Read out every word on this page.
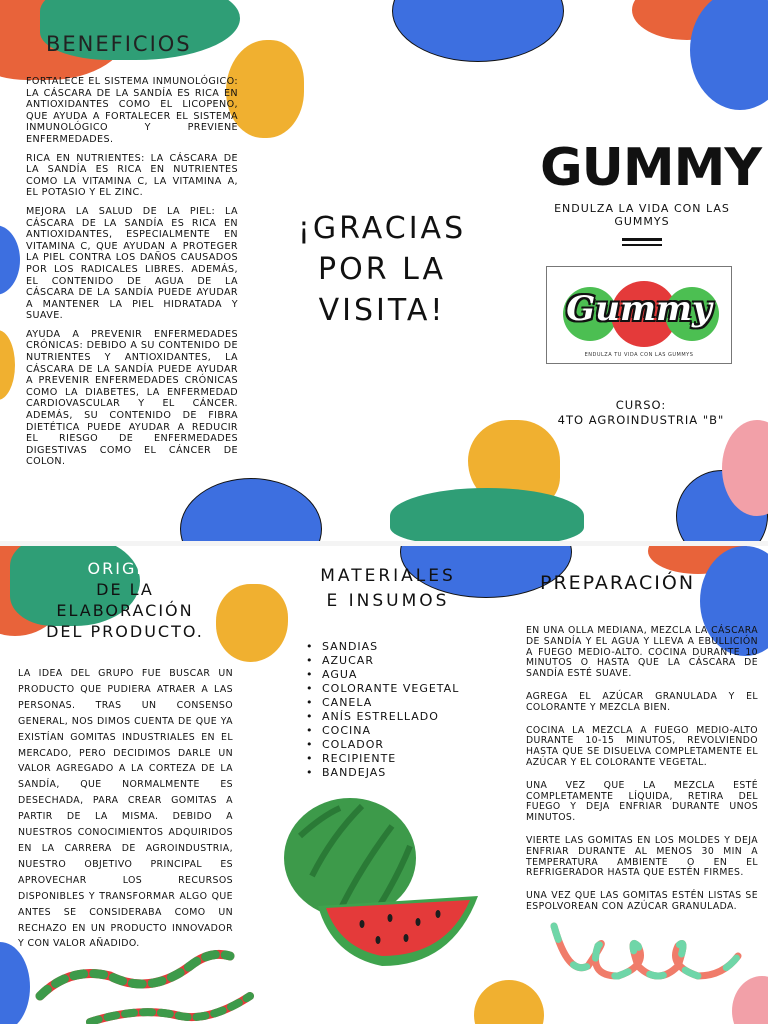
BENEFICIOS

FORTALECE EL SISTEMA INMUNOLÓGICO: LA CÁSCARA DE LA SANDÍA ES RICA EN ANTIOXIDANTES COMO EL LICOPENO, QUE AYUDA A FORTALECER EL SISTEMA INMUNOLÓGICO Y PREVIENE ENFERMEDADES.

RICA EN NUTRIENTES: LA CÁSCARA DE LA SANDÍA ES RICA EN NUTRIENTES COMO LA VITAMINA C, LA VITAMINA A, EL POTASIO Y EL ZINC.

MEJORA LA SALUD DE LA PIEL: LA CÁSCARA DE LA SANDÍA ES RICA EN ANTIOXIDANTES, ESPECIALMENTE EN VITAMINA C, QUE AYUDAN A PROTEGER LA PIEL CONTRA LOS DAÑOS CAUSADOS POR LOS RADICALES LIBRES. ADEMÁS, EL CONTENIDO DE AGUA DE LA CÁSCARA DE LA SANDÍA PUEDE AYUDAR A MANTENER LA PIEL HIDRATADA Y SUAVE.

AYUDA A PREVENIR ENFERMEDADES CRÓNICAS: DEBIDO A SU CONTENIDO DE NUTRIENTES Y ANTIOXIDANTES, LA CÁSCARA DE LA SANDÍA PUEDE AYUDAR A PREVENIR ENFERMEDADES CRÓNICAS COMO LA DIABETES, LA ENFERMEDAD CARDIOVASCULAR Y EL CÁNCER. ADEMÁS, SU CONTENIDO DE FIBRA DIETÉTICA PUEDE AYUDAR A REDUCIR EL RIESGO DE ENFERMEDADES DIGESTIVAS COMO EL CÁNCER DE COLON.

¡GRACIAS
POR LA
VISITA!
GUMMY
ENDULZA LA VIDA CON LAS GUMMYS
Gummy
ENDULZA TU VIDA CON LAS GUMMYS
CURSO:
4TO AGROINDUSTRIA "B"
ORIGEN
DE LA
ELABORACIÓN
DEL PRODUCTO.
LA IDEA DEL GRUPO FUE BUSCAR UN PRODUCTO QUE PUDIERA ATRAER A LAS PERSONAS. TRAS UN CONSENSO GENERAL, NOS DIMOS CUENTA DE QUE YA EXISTÍAN GOMITAS INDUSTRIALES EN EL MERCADO, PERO DECIDIMOS DARLE UN VALOR AGREGADO A LA CORTEZA DE LA SANDÍA, QUE NORMALMENTE ES DESECHADA, PARA CREAR GOMITAS A PARTIR DE LA MISMA. DEBIDO A NUESTROS CONOCIMIENTOS ADQUIRIDOS EN LA CARRERA DE AGROINDUSTRIA, NUESTRO OBJETIVO PRINCIPAL ES APROVECHAR LOS RECURSOS DISPONIBLES Y TRANSFORMAR ALGO QUE ANTES SE CONSIDERABA COMO UN RECHAZO EN UN PRODUCTO INNOVADOR Y CON VALOR AÑADIDO.
MATERIALES
E INSUMOS
• SANDIAS
• AZUCAR
• AGUA
• COLORANTE VEGETAL
• CANELA
• ANÍS ESTRELLADO
• COCINA
• COLADOR
• RECIPIENTE
• BANDEJAS
PREPARACIÓN

EN UNA OLLA MEDIANA, MEZCLA LA CÁSCARA DE SANDÍA Y EL AGUA Y LLEVA A EBULLICIÓN A FUEGO MEDIO-ALTO. COCINA DURANTE 10 MINUTOS O HASTA QUE LA CÁSCARA DE SANDÍA ESTÉ SUAVE.

AGREGA EL AZÚCAR GRANULADA Y EL COLORANTE Y MEZCLA BIEN.

COCINA LA MEZCLA A FUEGO MEDIO-ALTO DURANTE 10-15 MINUTOS, REVOLVIENDO HASTA QUE SE DISUELVA COMPLETAMENTE EL AZÚCAR Y EL COLORANTE VEGETAL.

UNA VEZ QUE LA MEZCLA ESTÉ COMPLETAMENTE LÍQUIDA, RETIRA DEL FUEGO Y DEJA ENFRIAR DURANTE UNOS MINUTOS.

VIERTE LAS GOMITAS EN LOS MOLDES Y DEJA ENFRIAR DURANTE AL MENOS 30 MIN A TEMPERATURA AMBIENTE O EN EL REFRIGERADOR HASTA QUE ESTÉN FIRMES.

UNA VEZ QUE LAS GOMITAS ESTÉN LISTAS SE ESPOLVOREAN CON AZÚCAR GRANULADA.
